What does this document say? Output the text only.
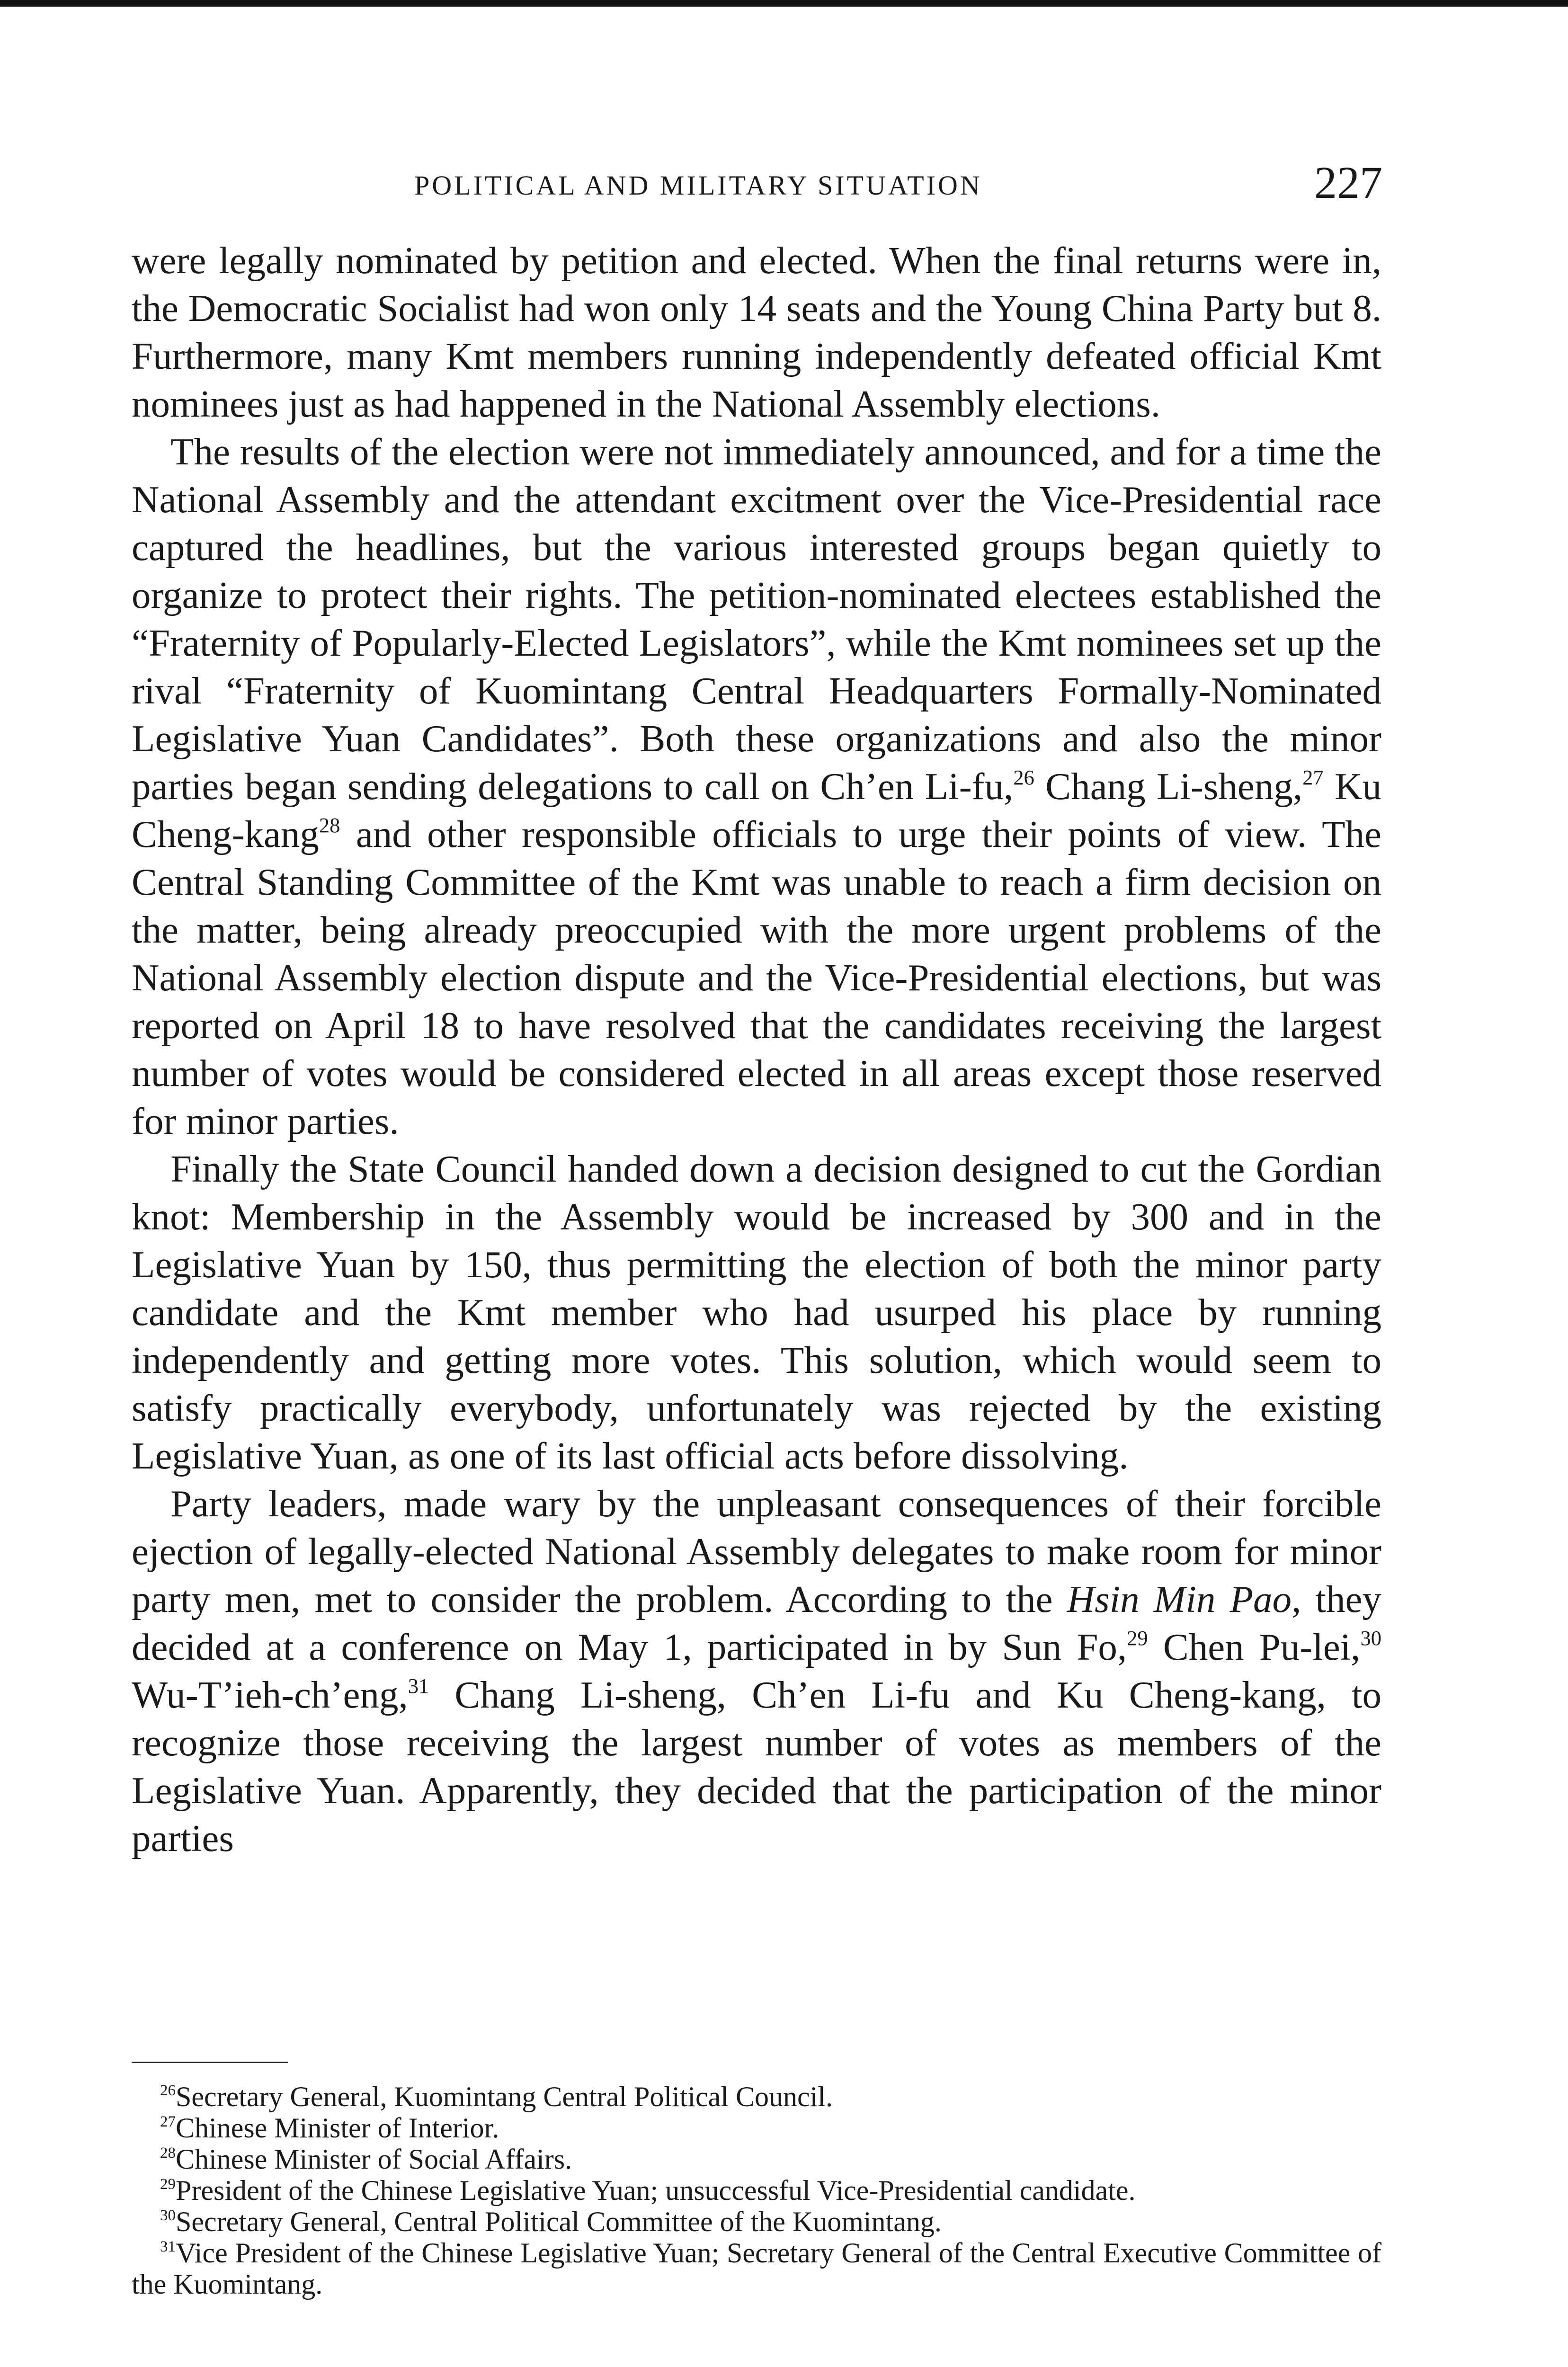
POLITICAL AND MILITARY SITUATION	227

were legally nominated by petition and elected. When the final returns were in, the Democratic Socialist had won only 14 seats and the Young China Party but 8. Furthermore, many Kmt members running independently defeated official Kmt nominees just as had happened in the National Assembly elections.

The results of the election were not immediately announced, and for a time the National Assembly and the attendant excitment over the Vice-Presidential race captured the headlines, but the various interested groups began quietly to organize to protect their rights. The petition-nominated electees established the “Fraternity of Popularly-Elected Legislators”, while the Kmt nominees set up the rival “Fraternity of Kuomintang Central Headquarters Formally-Nominated Legislative Yuan Candidates”. Both these organizations and also the minor parties began sending delegations to call on Ch’en Li-fu,$^{26}$ Chang Li-sheng,$^{27}$ Ku Cheng-kang$^{28}$ and other responsible officials to urge their points of view. The Central Standing Committee of the Kmt was unable to reach a firm decision on the matter, being already preoccupied with the more urgent problems of the National Assembly election dispute and the Vice-Presidential elections, but was reported on April 18 to have resolved that the candidates receiving the largest number of votes would be considered elected in all areas except those reserved for minor parties.

Finally the State Council handed down a decision designed to cut the Gordian knot: Membership in the Assembly would be increased by 300 and in the Legislative Yuan by 150, thus permitting the election of both the minor party candidate and the Kmt member who had usurped his place by running independently and getting more votes. This solution, which would seem to satisfy practically everybody, unfortunately was rejected by the existing Legislative Yuan, as one of its last official acts before dissolving.

Party leaders, made wary by the unpleasant consequences of their forcible ejection of legally-elected National Assembly delegates to make room for minor party men, met to consider the problem. According to the Hsin Min Pao, they decided at a conference on May 1, participated in by Sun Fo,$^{29}$ Chen Pu-lei,$^{30}$ Wu-T’ieh-ch’eng,$^{31}$ Chang Li-sheng, Ch’en Li-fu and Ku Cheng-kang, to recognize those receiving the largest number of votes as members of the Legislative Yuan. Apparently, they decided that the participation of the minor parties

$^{26}$Secretary General, Kuomintang Central Political Council.

$^{27}$Chinese Minister of Interior.

$^{28}$Chinese Minister of Social Affairs.

$^{29}$President of the Chinese Legislative Yuan; unsuccessful Vice-Presidential candidate.

$^{30}$Secretary General, Central Political Committee of the Kuomintang.

$^{31}$Vice President of the Chinese Legislative Yuan; Secretary General of the Central Executive Committee of the Kuomintang.
